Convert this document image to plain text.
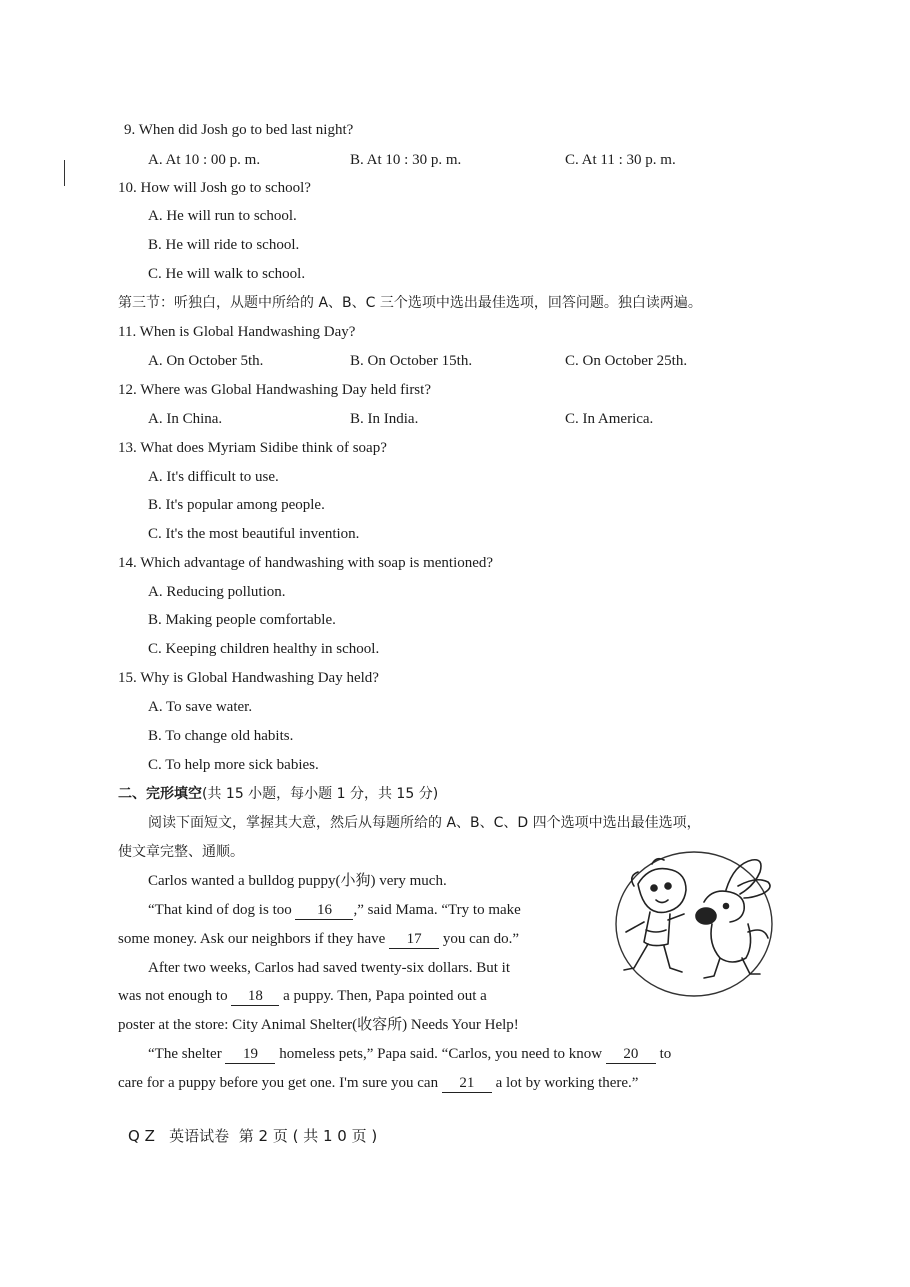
9. When did Josh go to bed last night?
A. At 10 : 00 p. m.	B. At 10 : 30 p. m.	C. At 11 : 30 p. m.
10. How will Josh go to school?
A. He will run to school.
B. He will ride to school.
C. He will walk to school.
第三节：听独白，从题中所给的 A、B、C 三个选项中选出最佳选项，回答问题。独白读两遍。
11. When is Global Handwashing Day?
A. On October 5th.	B. On October 15th.	C. On October 25th.
12. Where was Global Handwashing Day held first?
A. In China.	B. In India.	C. In America.
13. What does Myriam Sidibe think of soap?
A. It's difficult to use.
B. It's popular among people.
C. It's the most beautiful invention.
14. Which advantage of handwashing with soap is mentioned?
A. Reducing pollution.
B. Making people comfortable.
C. Keeping children healthy in school.
15. Why is Global Handwashing Day held?
A. To save water.
B. To change old habits.
C. To help more sick babies.
二、完形填空(共 15 小题，每小题 1 分，共 15 分)
阅读下面短文，掌握其大意，然后从每题所给的 A、B、C、D 四个选项中选出最佳选项，
使文章完整、通顺。
Carlos wanted a bulldog puppy(小狗) very much.
“That kind of dog is too 16 ,” said Mama. “Try to make
some money. Ask our neighbors if they have 17 you can do.”
After two weeks, Carlos had saved twenty-six dollars. But it
was not enough to 18 a puppy. Then, Papa pointed out a
poster at the store: City Animal Shelter(收容所) Needs Your Help!
“The shelter 19 homeless pets,” Papa said. “Carlos, you need to know 20 to
care for a puppy before you get one. I'm sure you can 21 a lot by working there.”
Q Z 英语试卷 第 2 页 ( 共 1 0 页 )
